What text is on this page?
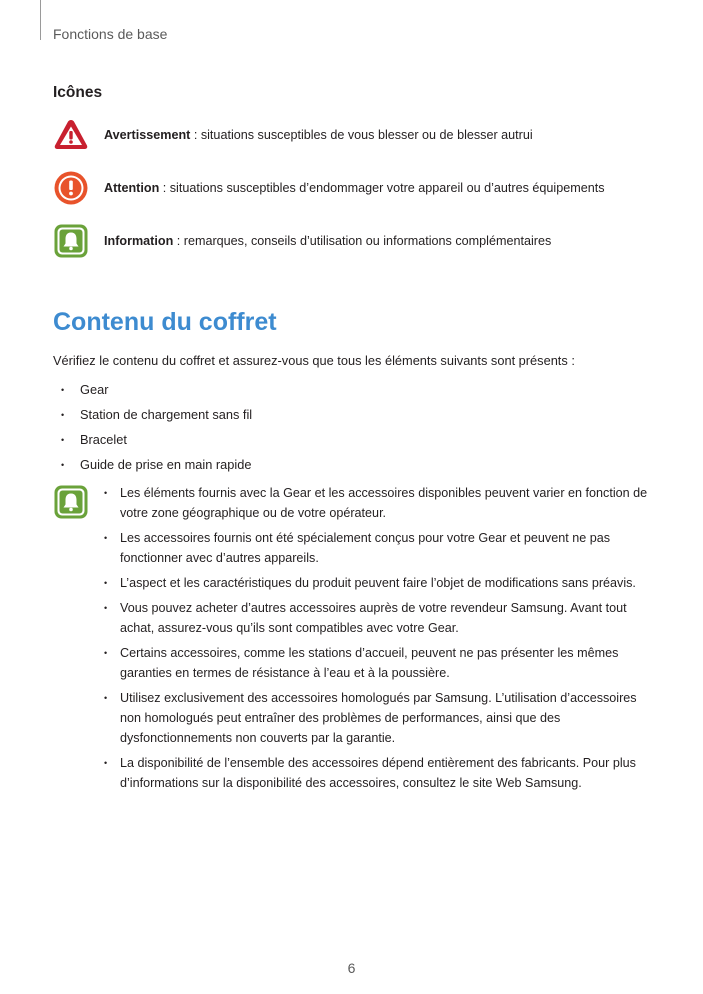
Fonctions de base
Icônes
Avertissement : situations susceptibles de vous blesser ou de blesser autrui
Attention : situations susceptibles d’endommager votre appareil ou d’autres équipements
Information : remarques, conseils d’utilisation ou informations complémentaires
Contenu du coffret
Vérifiez le contenu du coffret et assurez-vous que tous les éléments suivants sont présents :
• Gear
• Station de chargement sans fil
• Bracelet
• Guide de prise en main rapide
• Les éléments fournis avec la Gear et les accessoires disponibles peuvent varier en fonction de votre zone géographique ou de votre opérateur.
• Les accessoires fournis ont été spécialement conçus pour votre Gear et peuvent ne pas fonctionner avec d’autres appareils.
• L’aspect et les caractéristiques du produit peuvent faire l’objet de modifications sans préavis.
• Vous pouvez acheter d’autres accessoires auprès de votre revendeur Samsung. Avant tout achat, assurez-vous qu’ils sont compatibles avec votre Gear.
• Certains accessoires, comme les stations d’accueil, peuvent ne pas présenter les mêmes garanties en termes de résistance à l’eau et à la poussière.
• Utilisez exclusivement des accessoires homologués par Samsung. L’utilisation d’accessoires non homologués peut entraîner des problèmes de performances, ainsi que des dysfonctionnements non couverts par la garantie.
• La disponibilité de l’ensemble des accessoires dépend entièrement des fabricants. Pour plus d’informations sur la disponibilité des accessoires, consultez le site Web Samsung.
6
